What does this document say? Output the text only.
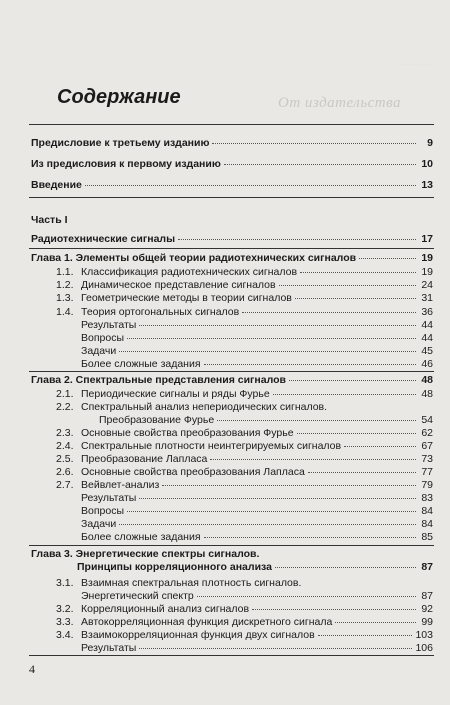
· · · · · · · · ·
От издательства
Содержание
Предисловие к третьему изданию	9
Из предисловия к первому изданию	10
Введение	13
Часть I
Радиотехнические сигналы	17
Глава 1. Элементы общей теории радиотехнических сигналов	19
1.1. Классификация радиотехнических сигналов	19
1.2. Динамическое представление сигналов	24
1.3. Геометрические методы в теории сигналов	31
1.4. Теория ортогональных сигналов	36
Результаты	44
Вопросы	44
Задачи	45
Более сложные задания	46
Глава 2. Спектральные представления сигналов	48
2.1. Периодические сигналы и ряды Фурье	48
2.2. Спектральный анализ непериодических сигналов.
Преобразование Фурье	54
2.3. Основные свойства преобразования Фурье	62
2.4. Спектральные плотности неинтегрируемых сигналов	67
2.5. Преобразование Лапласа	73
2.6. Основные свойства преобразования Лапласа	77
2.7. Вейвлет-анализ	79
Результаты	83
Вопросы	84
Задачи	84
Более сложные задания	85
Глава 3. Энергетические спектры сигналов.
Принципы корреляционного анализа	87
3.1. Взаимная спектральная плотность сигналов.
Энергетический спектр	87
3.2. Корреляционный анализ сигналов	92
3.3. Автокорреляционная функция дискретного сигнала	99
3.4. Взаимокорреляционная функция двух сигналов	103
Результаты	106
4
